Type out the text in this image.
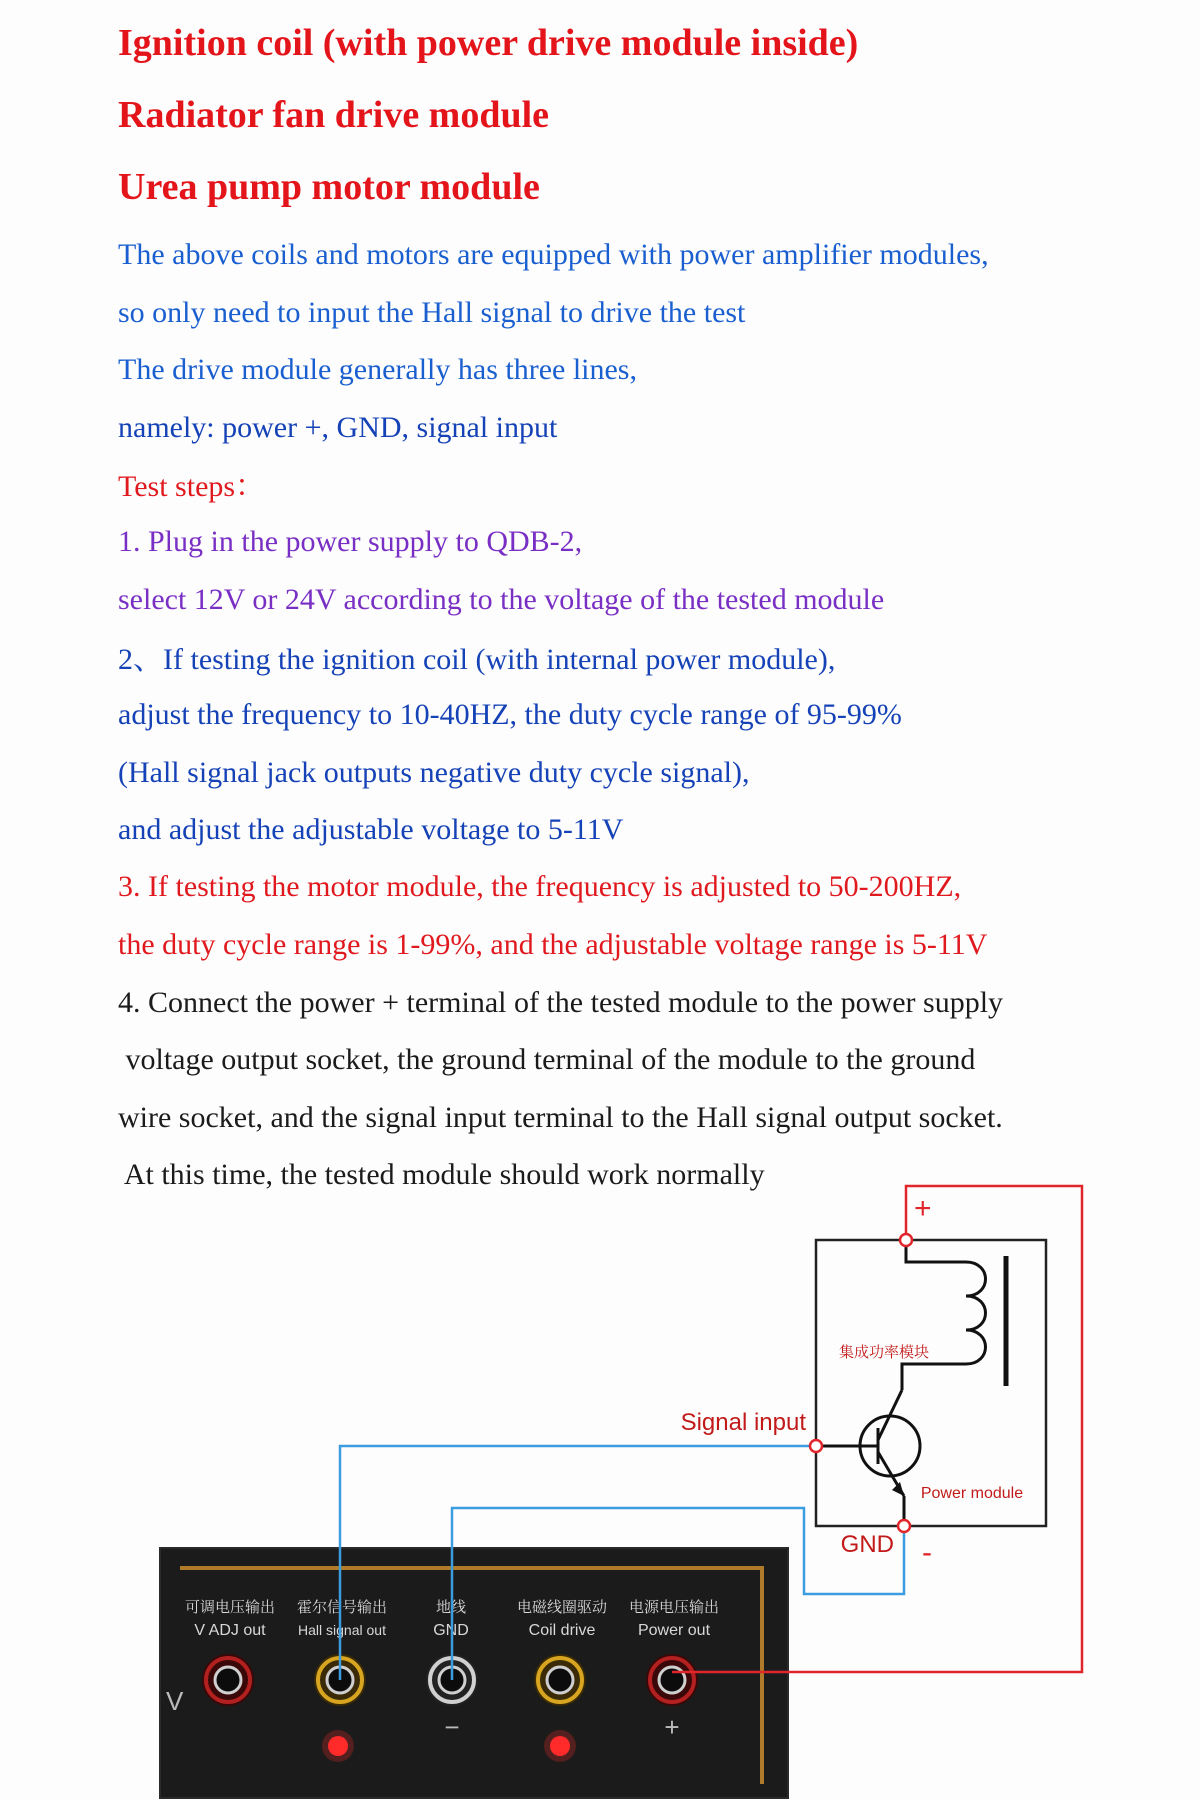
Ignition coil (with power drive module inside)
Radiator fan drive module
Urea pump motor module
The above coils and motors are equipped with power amplifier modules,
so only need to input the Hall signal to drive the test
The drive module generally has three lines,
namely: power +, GND, signal input
Test steps：
1. Plug in the power supply to QDB-2,
select 12V or 24V according to the voltage of the tested module
2、If testing the ignition coil (with internal power module),
adjust the frequency to 10-40HZ, the duty cycle range of 95-99%
(Hall signal jack outputs negative duty cycle signal),
and adjust the adjustable voltage to 5-11V
3. If testing the motor module, the frequency is adjusted to 50-200HZ,
the duty cycle range is 1-99%, and the adjustable voltage range is 5-11V
4. Connect the power + terminal of the tested module to the power supply
voltage output socket, the ground terminal of the module to the ground
wire socket, and the signal input terminal to the Hall signal output socket.
At this time, the tested module should work normally
可调电压输出
V ADJ out
霍尔信号输出
Hall signal out
地线
GND
电磁线圈驱动
Coil drive
电源电压输出
Power out
V
−	+
集成功率模块
Power module
+
-
Signal input
GND
